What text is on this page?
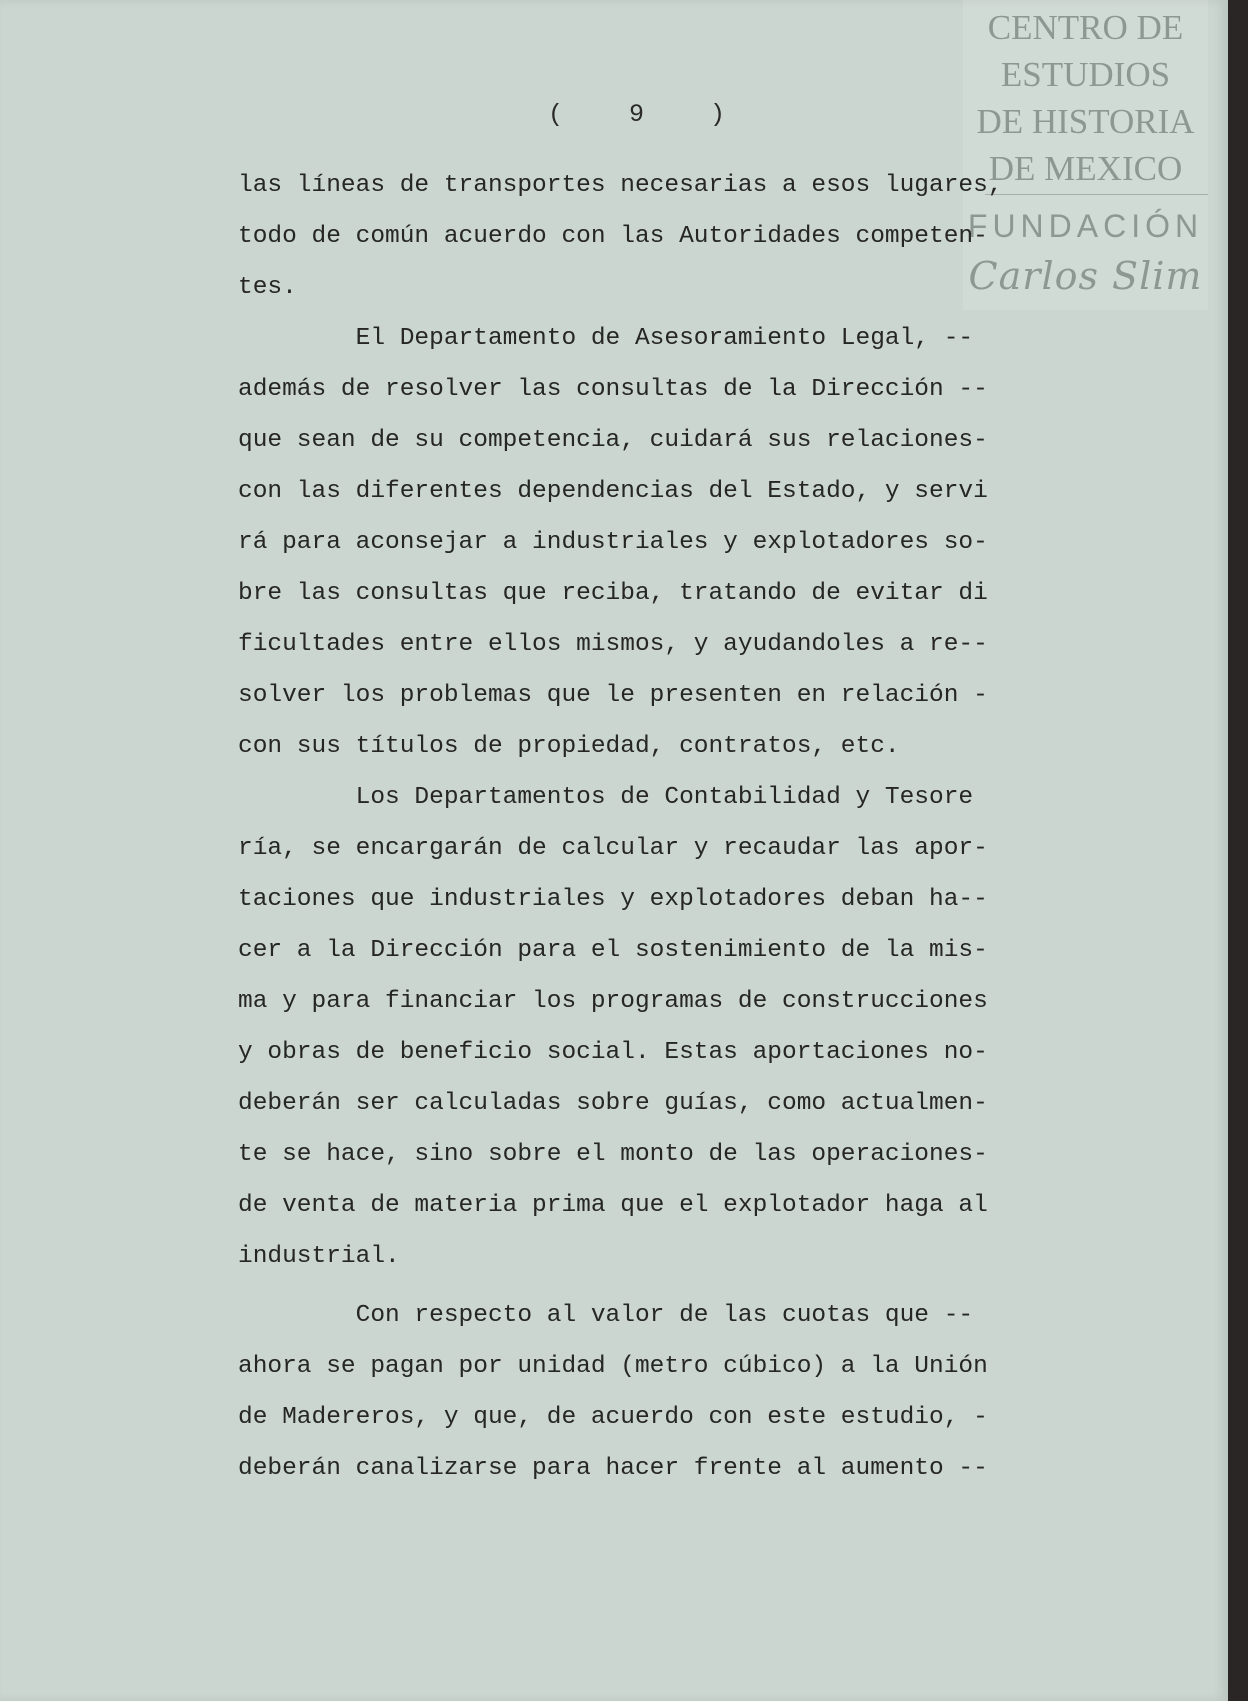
CENTRO DE
ESTUDIOS
DE HISTORIA
DE MEXICO
FUNDACIÓN
Carlos Slim
(  9  )
las líneas de transportes necesarias a esos lugares,
todo de común acuerdo con las Autoridades competen-
tes.
El Departamento de Asesoramiento Legal, --
además de resolver las consultas de la Dirección --
que sean de su competencia, cuidará sus relaciones-
con las diferentes dependencias del Estado, y servi
rá para aconsejar a industriales y explotadores so-
bre las consultas que reciba, tratando de evitar di
ficultades entre ellos mismos, y ayudandoles a re--
solver los problemas que le presenten en relación -
con sus títulos de propiedad, contratos, etc.
Los Departamentos de Contabilidad y Tesore
ría, se encargarán de calcular y recaudar las apor-
taciones que industriales y explotadores deban ha--
cer a la Dirección para el sostenimiento de la mis-
ma y para financiar los programas de construcciones
y obras de beneficio social. Estas aportaciones no-
deberán ser calculadas sobre guías, como actualmen-
te se hace, sino sobre el monto de las operaciones-
de venta de materia prima que el explotador haga al
industrial.
Con respecto al valor de las cuotas que --
ahora se pagan por unidad (metro cúbico) a la Unión
de Madereros, y que, de acuerdo con este estudio, -
deberán canalizarse para hacer frente al aumento --
